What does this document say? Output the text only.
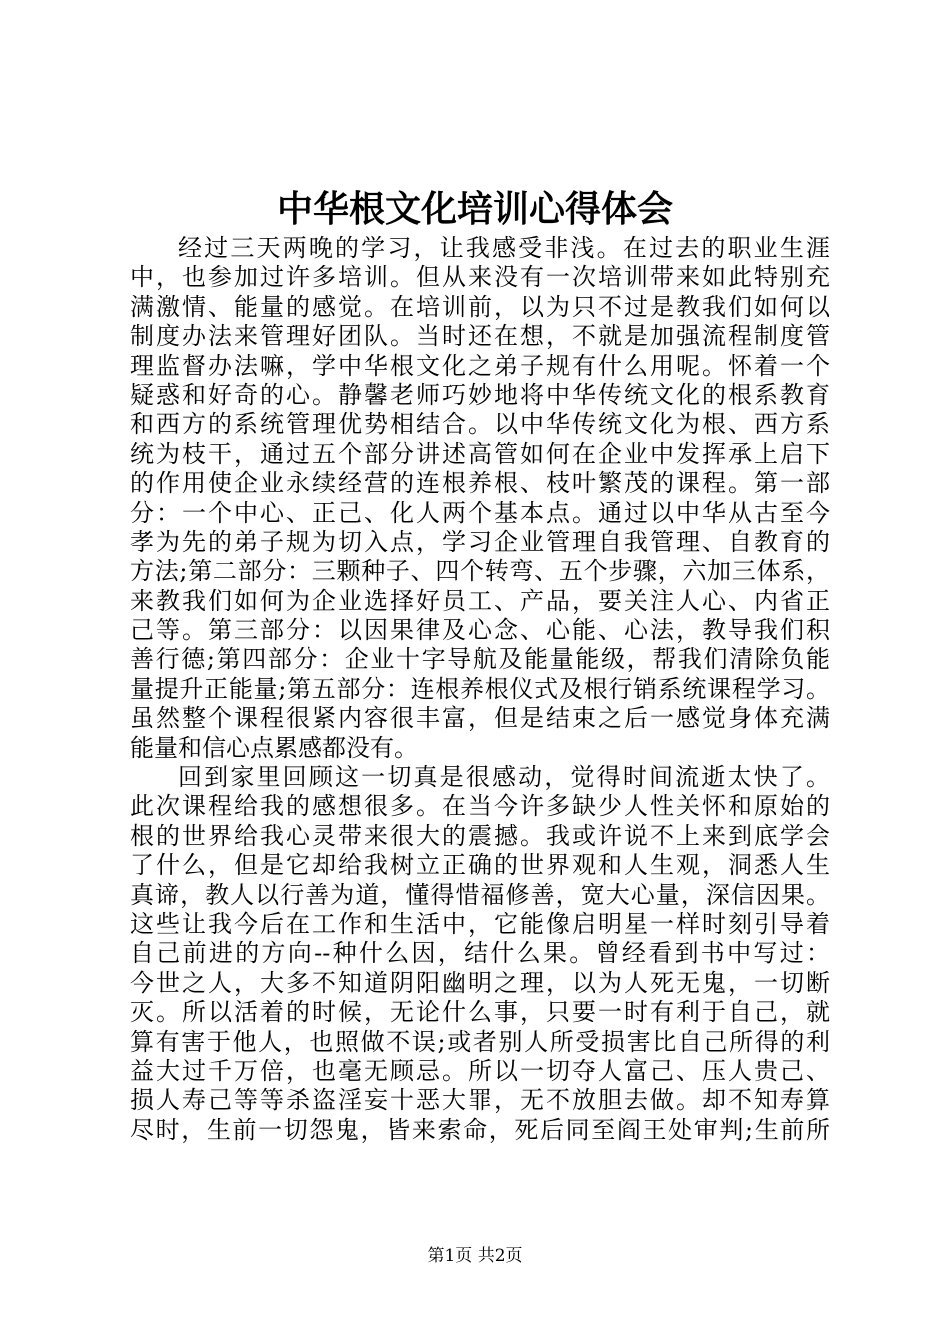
中华根文化培训心得体会
经过三天两晚的学习，让我感受非浅。在过去的职业生涯
中，也参加过许多培训。但从来没有一次培训带来如此特别充
满激情、能量的感觉。在培训前，以为只不过是教我们如何以
制度办法来管理好团队。当时还在想，不就是加强流程制度管
理监督办法嘛，学中华根文化之弟子规有什么用呢。怀着一个
疑惑和好奇的心。静馨老师巧妙地将中华传统文化的根系教育
和西方的系统管理优势相结合。以中华传统文化为根、西方系
统为枝干，通过五个部分讲述高管如何在企业中发挥承上启下
的作用使企业永续经营的连根养根、枝叶繁茂的课程。第一部
分：一个中心、正己、化人两个基本点。通过以中华从古至今
孝为先的弟子规为切入点，学习企业管理自我管理、自教育的
方法;第二部分：三颗种子、四个转弯、五个步骤，六加三体系，
来教我们如何为企业选择好员工、产品，要关注人心、内省正
己等。第三部分：以因果律及心念、心能、心法，教导我们积
善行德;第四部分：企业十字导航及能量能级，帮我们清除负能
量提升正能量;第五部分：连根养根仪式及根行销系统课程学习。
虽然整个课程很紧内容很丰富，但是结束之后一感觉身体充满
能量和信心点累感都没有。
回到家里回顾这一切真是很感动，觉得时间流逝太快了。
此次课程给我的感想很多。在当今许多缺少人性关怀和原始的
根的世界给我心灵带来很大的震撼。我或许说不上来到底学会
了什么，但是它却给我树立正确的世界观和人生观，洞悉人生
真谛，教人以行善为道，懂得惜福修善，宽大心量，深信因果。
这些让我今后在工作和生活中，它能像启明星一样时刻引导着
自己前进的方向--种什么因，结什么果。曾经看到书中写过：
今世之人，大多不知道阴阳幽明之理，以为人死无鬼，一切断
灭。所以活着的时候，无论什么事，只要一时有利于自己，就
算有害于他人，也照做不误;或者别人所受损害比自己所得的利
益大过千万倍，也毫无顾忌。所以一切夺人富己、压人贵己、
损人寿己等等杀盗淫妄十恶大罪，无不放胆去做。却不知寿算
尽时，生前一切怨鬼，皆来索命，死后同至阎王处审判;生前所
第1页 共2页
